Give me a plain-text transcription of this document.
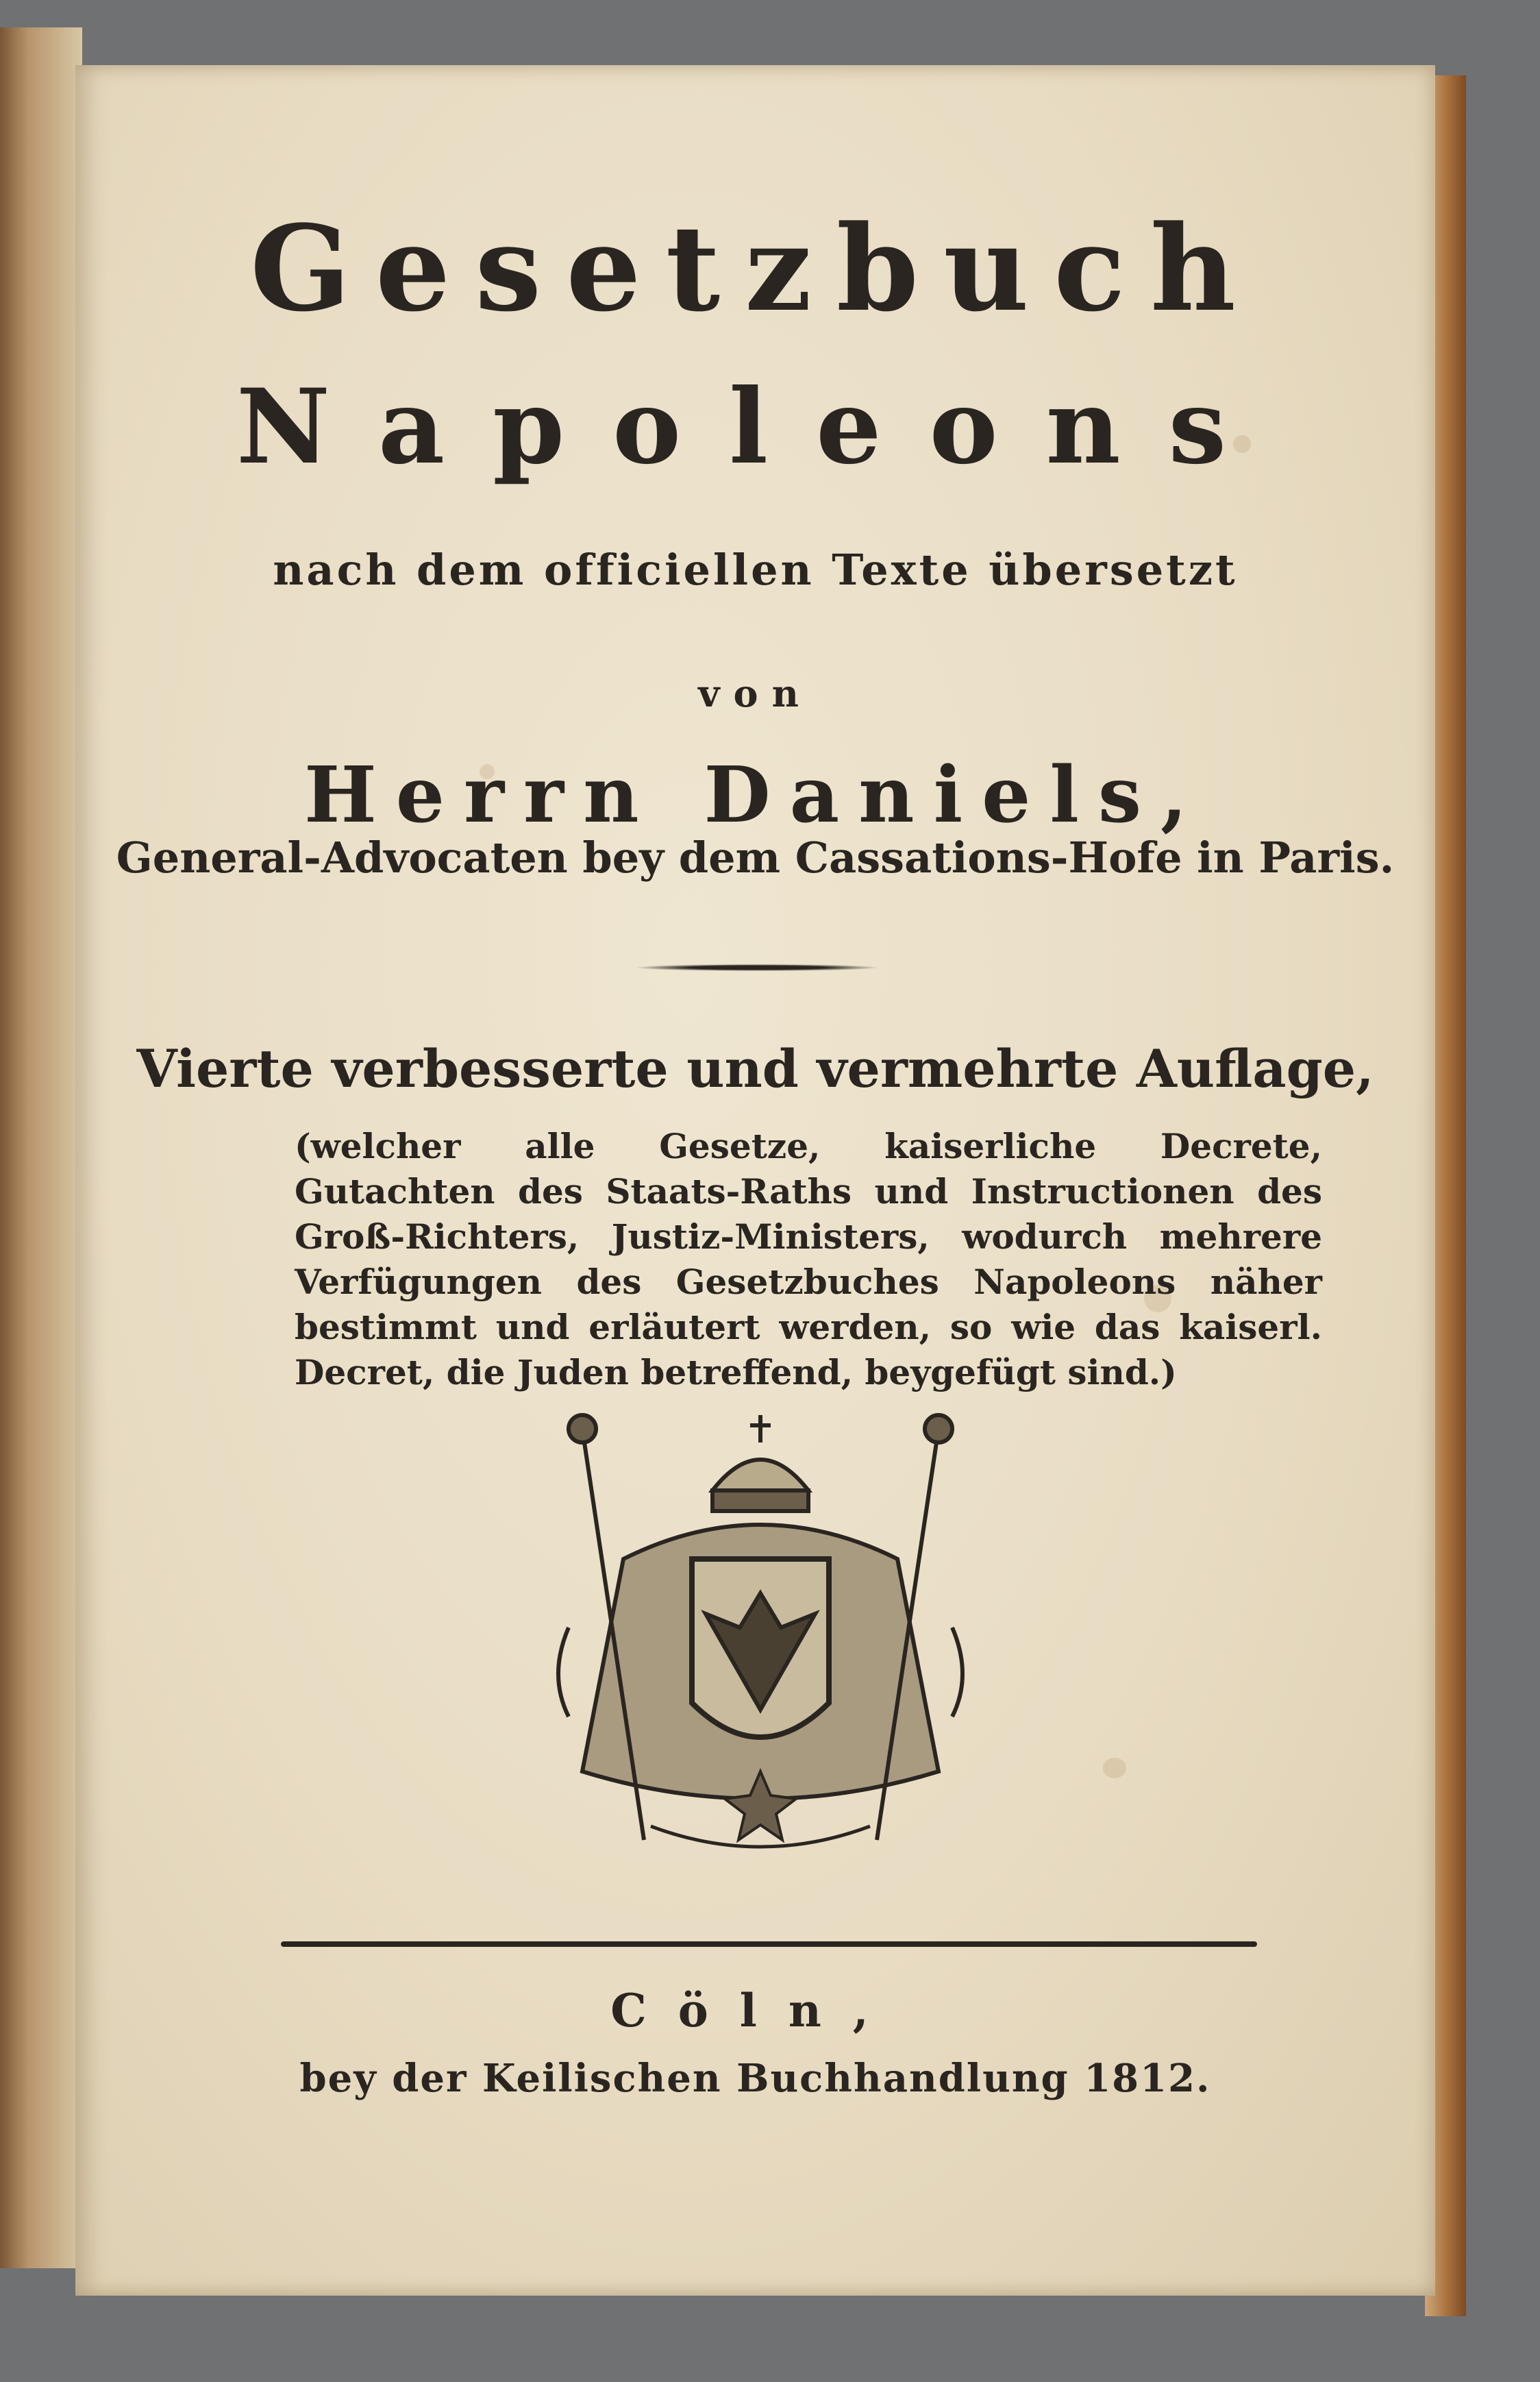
Gesetzbuch
Napoleons
nach dem officiellen Texte übersetzt
von
Herrn Daniels,
General-Advocaten bey dem Cassations-Hofe in Paris.
Vierte verbesserte und vermehrte Auflage,
(welcher alle Gesetze, kaiserliche Decrete, Gutachten des Staats-Raths und Instructionen des Groß-Richters, Justiz-Ministers, wodurch mehrere Verfügungen des Gesetzbuches Napoleons näher bestimmt und erläutert werden, so wie das kaiserl. Decret, die Juden betreffend, beygefügt sind.)
Cöln,
bey der Keilischen Buchhandlung 1812.
